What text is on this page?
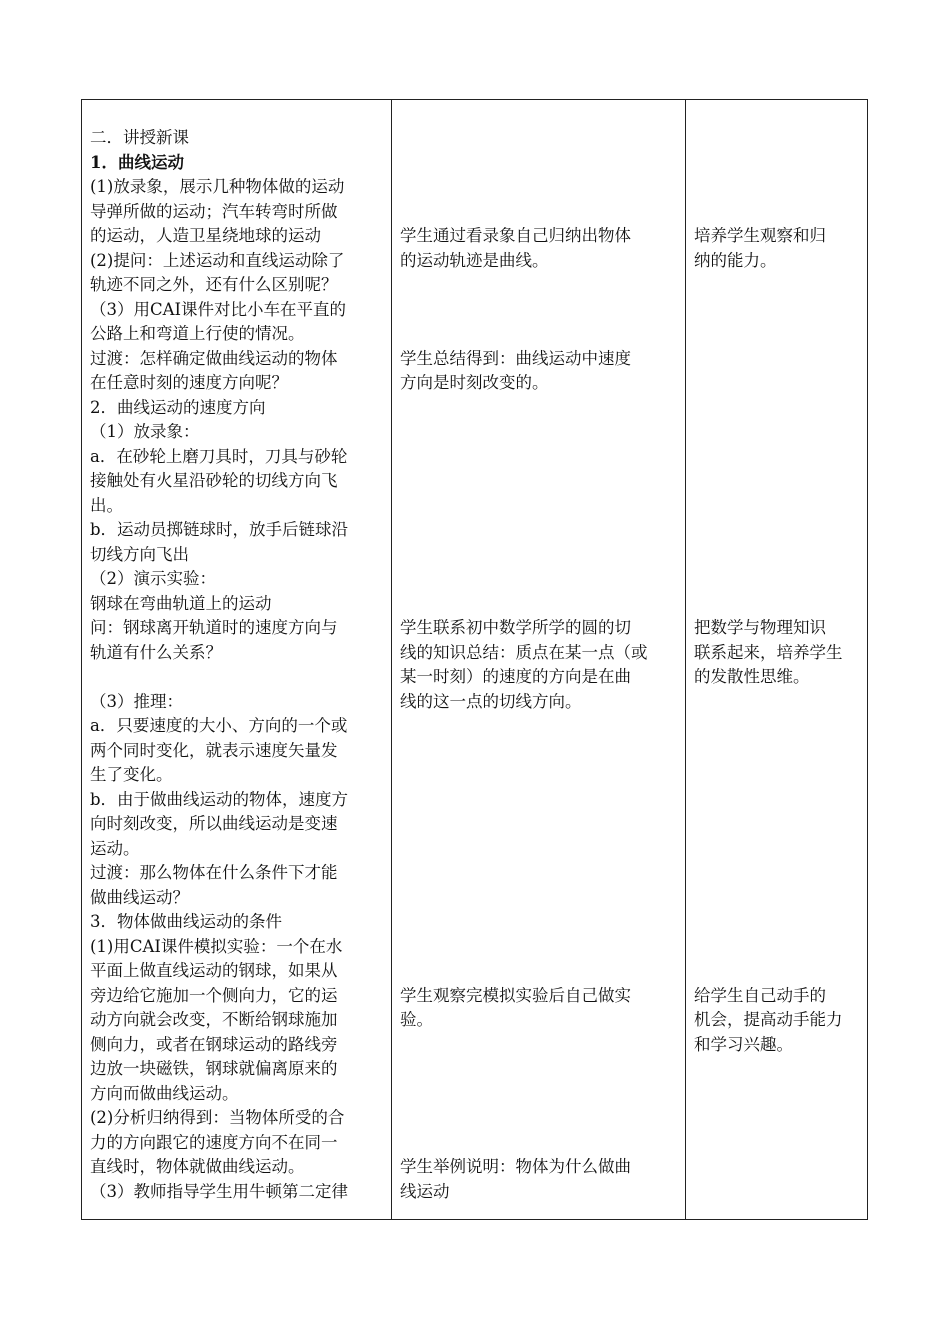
二．讲授新课
1．曲线运动
(1)放录象，展示几种物体做的运动
导弹所做的运动；汽车转弯时所做
的运动，人造卫星绕地球的运动
(2)提问：上述运动和直线运动除了
轨迹不同之外，还有什么区别呢？
（3）用CAI课件对比小车在平直的
公路上和弯道上行使的情况。
过渡：怎样确定做曲线运动的物体
在任意时刻的速度方向呢？
2．曲线运动的速度方向
（1）放录象：
a．在砂轮上磨刀具时，刀具与砂轮
接触处有火星沿砂轮的切线方向飞
出。
b．运动员掷链球时，放手后链球沿
切线方向飞出
（2）演示实验：
钢球在弯曲轨道上的运动
问：钢球离开轨道时的速度方向与
轨道有什么关系？
（3）推理：
a．只要速度的大小、方向的一个或
两个同时变化，就表示速度矢量发
生了变化。
b．由于做曲线运动的物体，速度方
向时刻改变，所以曲线运动是变速
运动。
过渡：那么物体在什么条件下才能
做曲线运动？
3．物体做曲线运动的条件
(1)用CAI课件模拟实验：一个在水
平面上做直线运动的钢球，如果从
旁边给它施加一个侧向力，它的运
动方向就会改变，不断给钢球施加
侧向力，或者在钢球运动的路线旁
边放一块磁铁，钢球就偏离原来的
方向而做曲线运动。
(2)分析归纳得到：当物体所受的合
力的方向跟它的速度方向不在同一
直线时，物体就做曲线运动。
（3）教师指导学生用牛顿第二定律
学生通过看录象自己归纳出物体
的运动轨迹是曲线。
学生总结得到：曲线运动中速度
方向是时刻改变的。
学生联系初中数学所学的圆的切
线的知识总结：质点在某一点（或
某一时刻）的速度的方向是在曲
线的这一点的切线方向。
学生观察完模拟实验后自己做实
验。
学生举例说明：物体为什么做曲
线运动
培养学生观察和归
纳的能力。
把数学与物理知识
联系起来，培养学生
的发散性思维。
给学生自己动手的
机会，提高动手能力
和学习兴趣。
